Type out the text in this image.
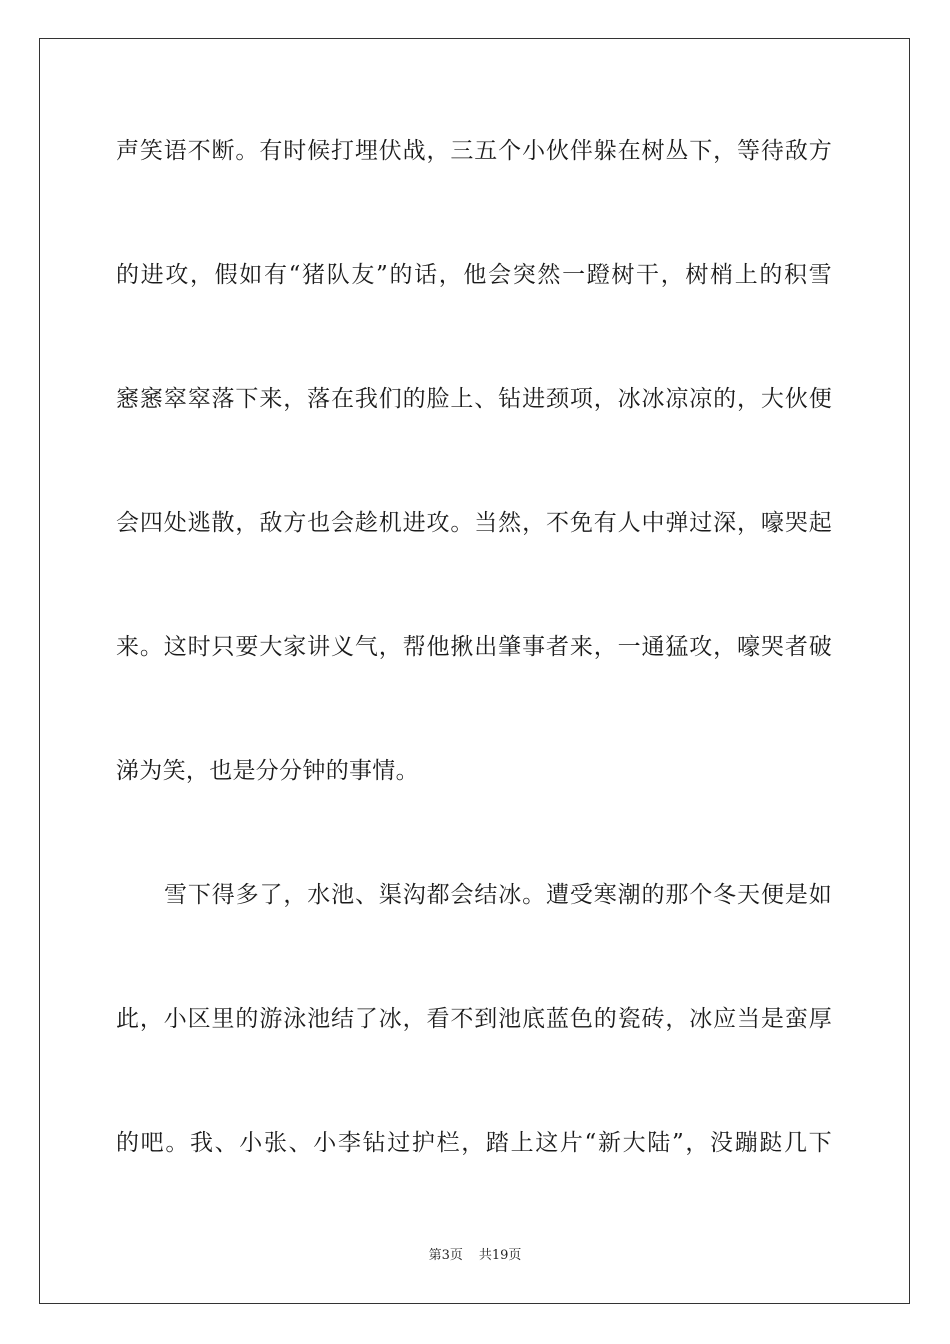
声笑语不断。有时候打埋伏战，三五个小伙伴躲在树丛下，等待敌方
的进攻，假如有“猪队友”的话，他会突然一蹬树干，树梢上的积雪
窸窸窣窣落下来，落在我们的脸上、钻进颈项，冰冰凉凉的，大伙便
会四处逃散，敌方也会趁机进攻。当然，不免有人中弹过深，嚎哭起
来。这时只要大家讲义气，帮他揪出肇事者来，一通猛攻，嚎哭者破
涕为笑，也是分分钟的事情。
雪下得多了，水池、渠沟都会结冰。遭受寒潮的那个冬天便是如
此，小区里的游泳池结了冰，看不到池底蓝色的瓷砖，冰应当是蛮厚
的吧。我、小张、小李钻过护栏，踏上这片“新大陆”，没蹦跶几下
第3页 共19页
